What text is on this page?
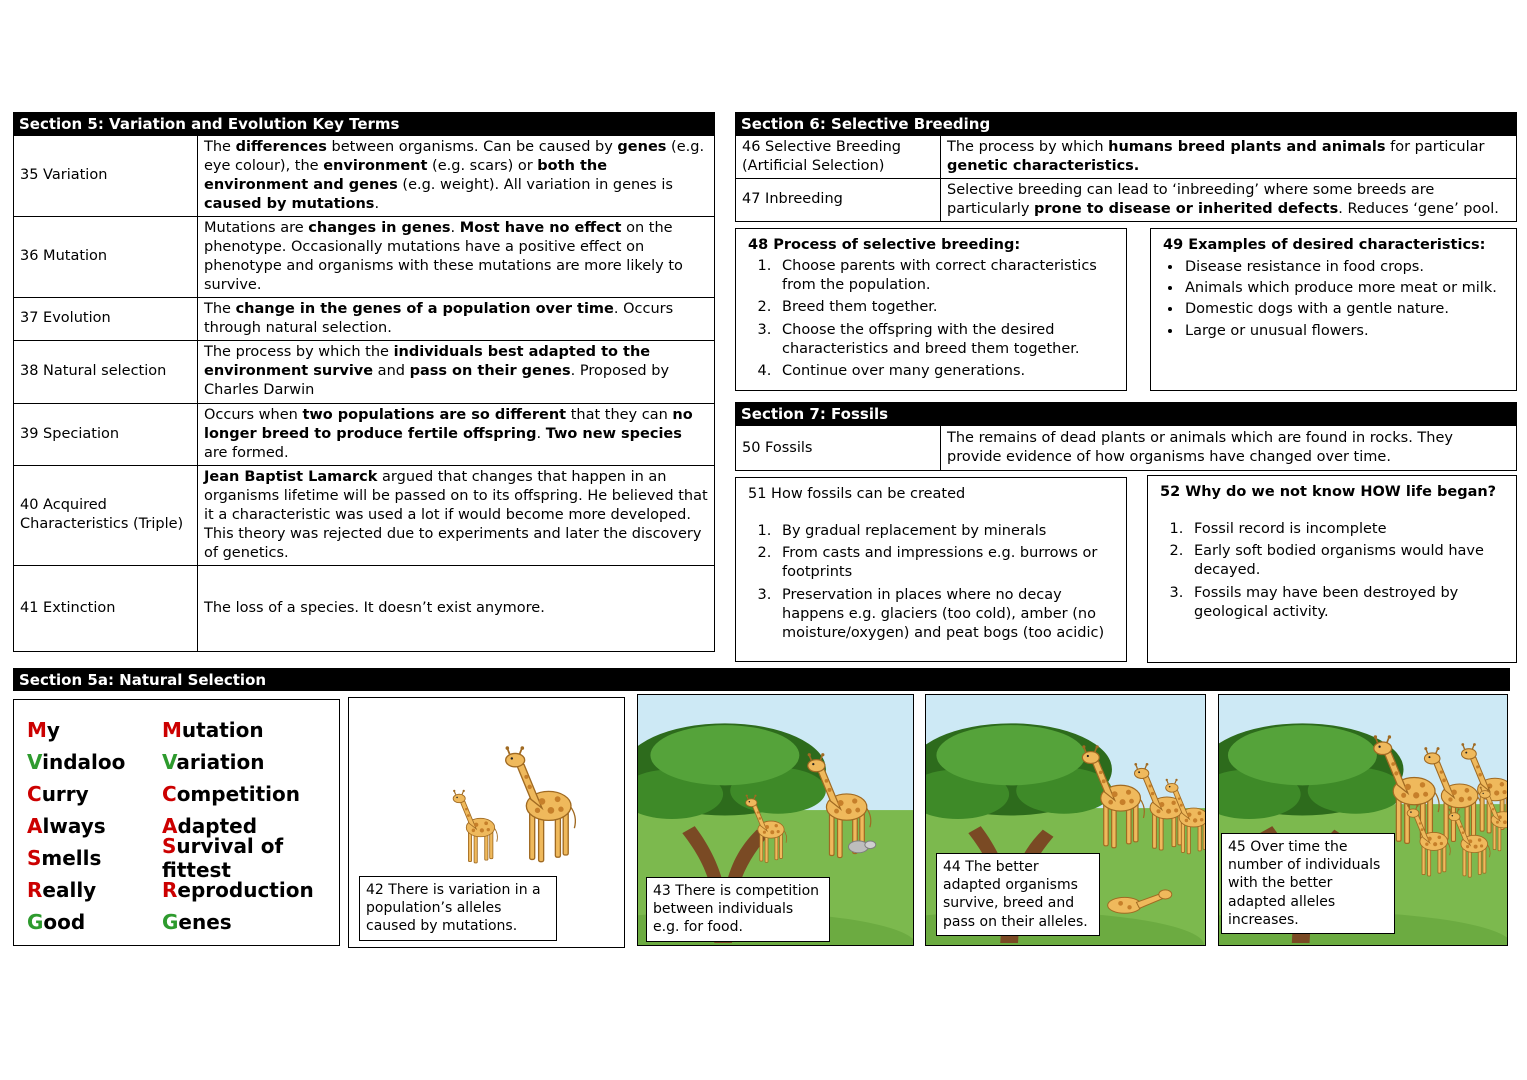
Section 5: Variation and Evolution Key Terms
35 Variation	The differences between organisms. Can be caused by genes (e.g. eye colour), the environment (e.g. scars) or both the environment and genes (e.g. weight). All variation in genes is caused by mutations.
36 Mutation	Mutations are changes in genes. Most have no effect on the phenotype. Occasionally mutations have a positive effect on phenotype and organisms with these mutations are more likely to survive.
37 Evolution	The change in the genes of a population over time. Occurs through natural selection.
38 Natural selection	The process by which the individuals best adapted to the environment survive and pass on their genes. Proposed by Charles Darwin
39 Speciation	Occurs when two populations are so different that they can no longer breed to produce fertile offspring. Two new species are formed.
40 Acquired Characteristics (Triple)	Jean Baptist Lamarck argued that changes that happen in an organisms lifetime will be passed on to its offspring. He believed that it a characteristic was used a lot if would become more developed. This theory was rejected due to experiments and later the discovery of genetics.
41 Extinction	The loss of a species. It doesn’t exist anymore.
Section 6: Selective Breeding
46 Selective Breeding
(Artificial Selection)	The process by which humans breed plants and animals for particular genetic characteristics.
47 Inbreeding	Selective breeding can lead to ‘inbreeding’ where some breeds are particularly prone to disease or inherited defects. Reduces ‘gene’ pool.
48 Process of selective breeding:
1. Choose parents with correct characteristics from the population.
2. Breed them together.
3. Choose the offspring with the desired characteristics and breed them together.
4. Continue over many generations.
49 Examples of desired characteristics:
• Disease resistance in food crops.
• Animals which produce more meat or milk.
• Domestic dogs with a gentle nature.
• Large or unusual flowers.
Section 7: Fossils
50 Fossils	The remains of dead plants or animals which are found in rocks. They provide evidence of how organisms have changed over time.
51 How fossils can be created
1. By gradual replacement by minerals
2. From casts and impressions e.g. burrows or footprints
3. Preservation in places where no decay happens e.g. glaciers (too cold), amber (no moisture/oxygen) and peat bogs (too acidic)
52 Why do we not know HOW life began?
1. Fossil record is incomplete
2. Early soft bodied organisms would have decayed.
3. Fossils may have been destroyed by geological activity.
Section 5a: Natural Selection
My	Mutation
Vindaloo	Variation
Curry	Competition
Always	Adapted
Smells	Survival of fittest
Really	Reproduction
Good	Genes
42 There is variation in a population’s alleles caused by mutations.
43 There is competition between individuals e.g. for food.
44 The better adapted organisms survive, breed and pass on their alleles.
45 Over time the number of individuals with the better adapted alleles increases.
